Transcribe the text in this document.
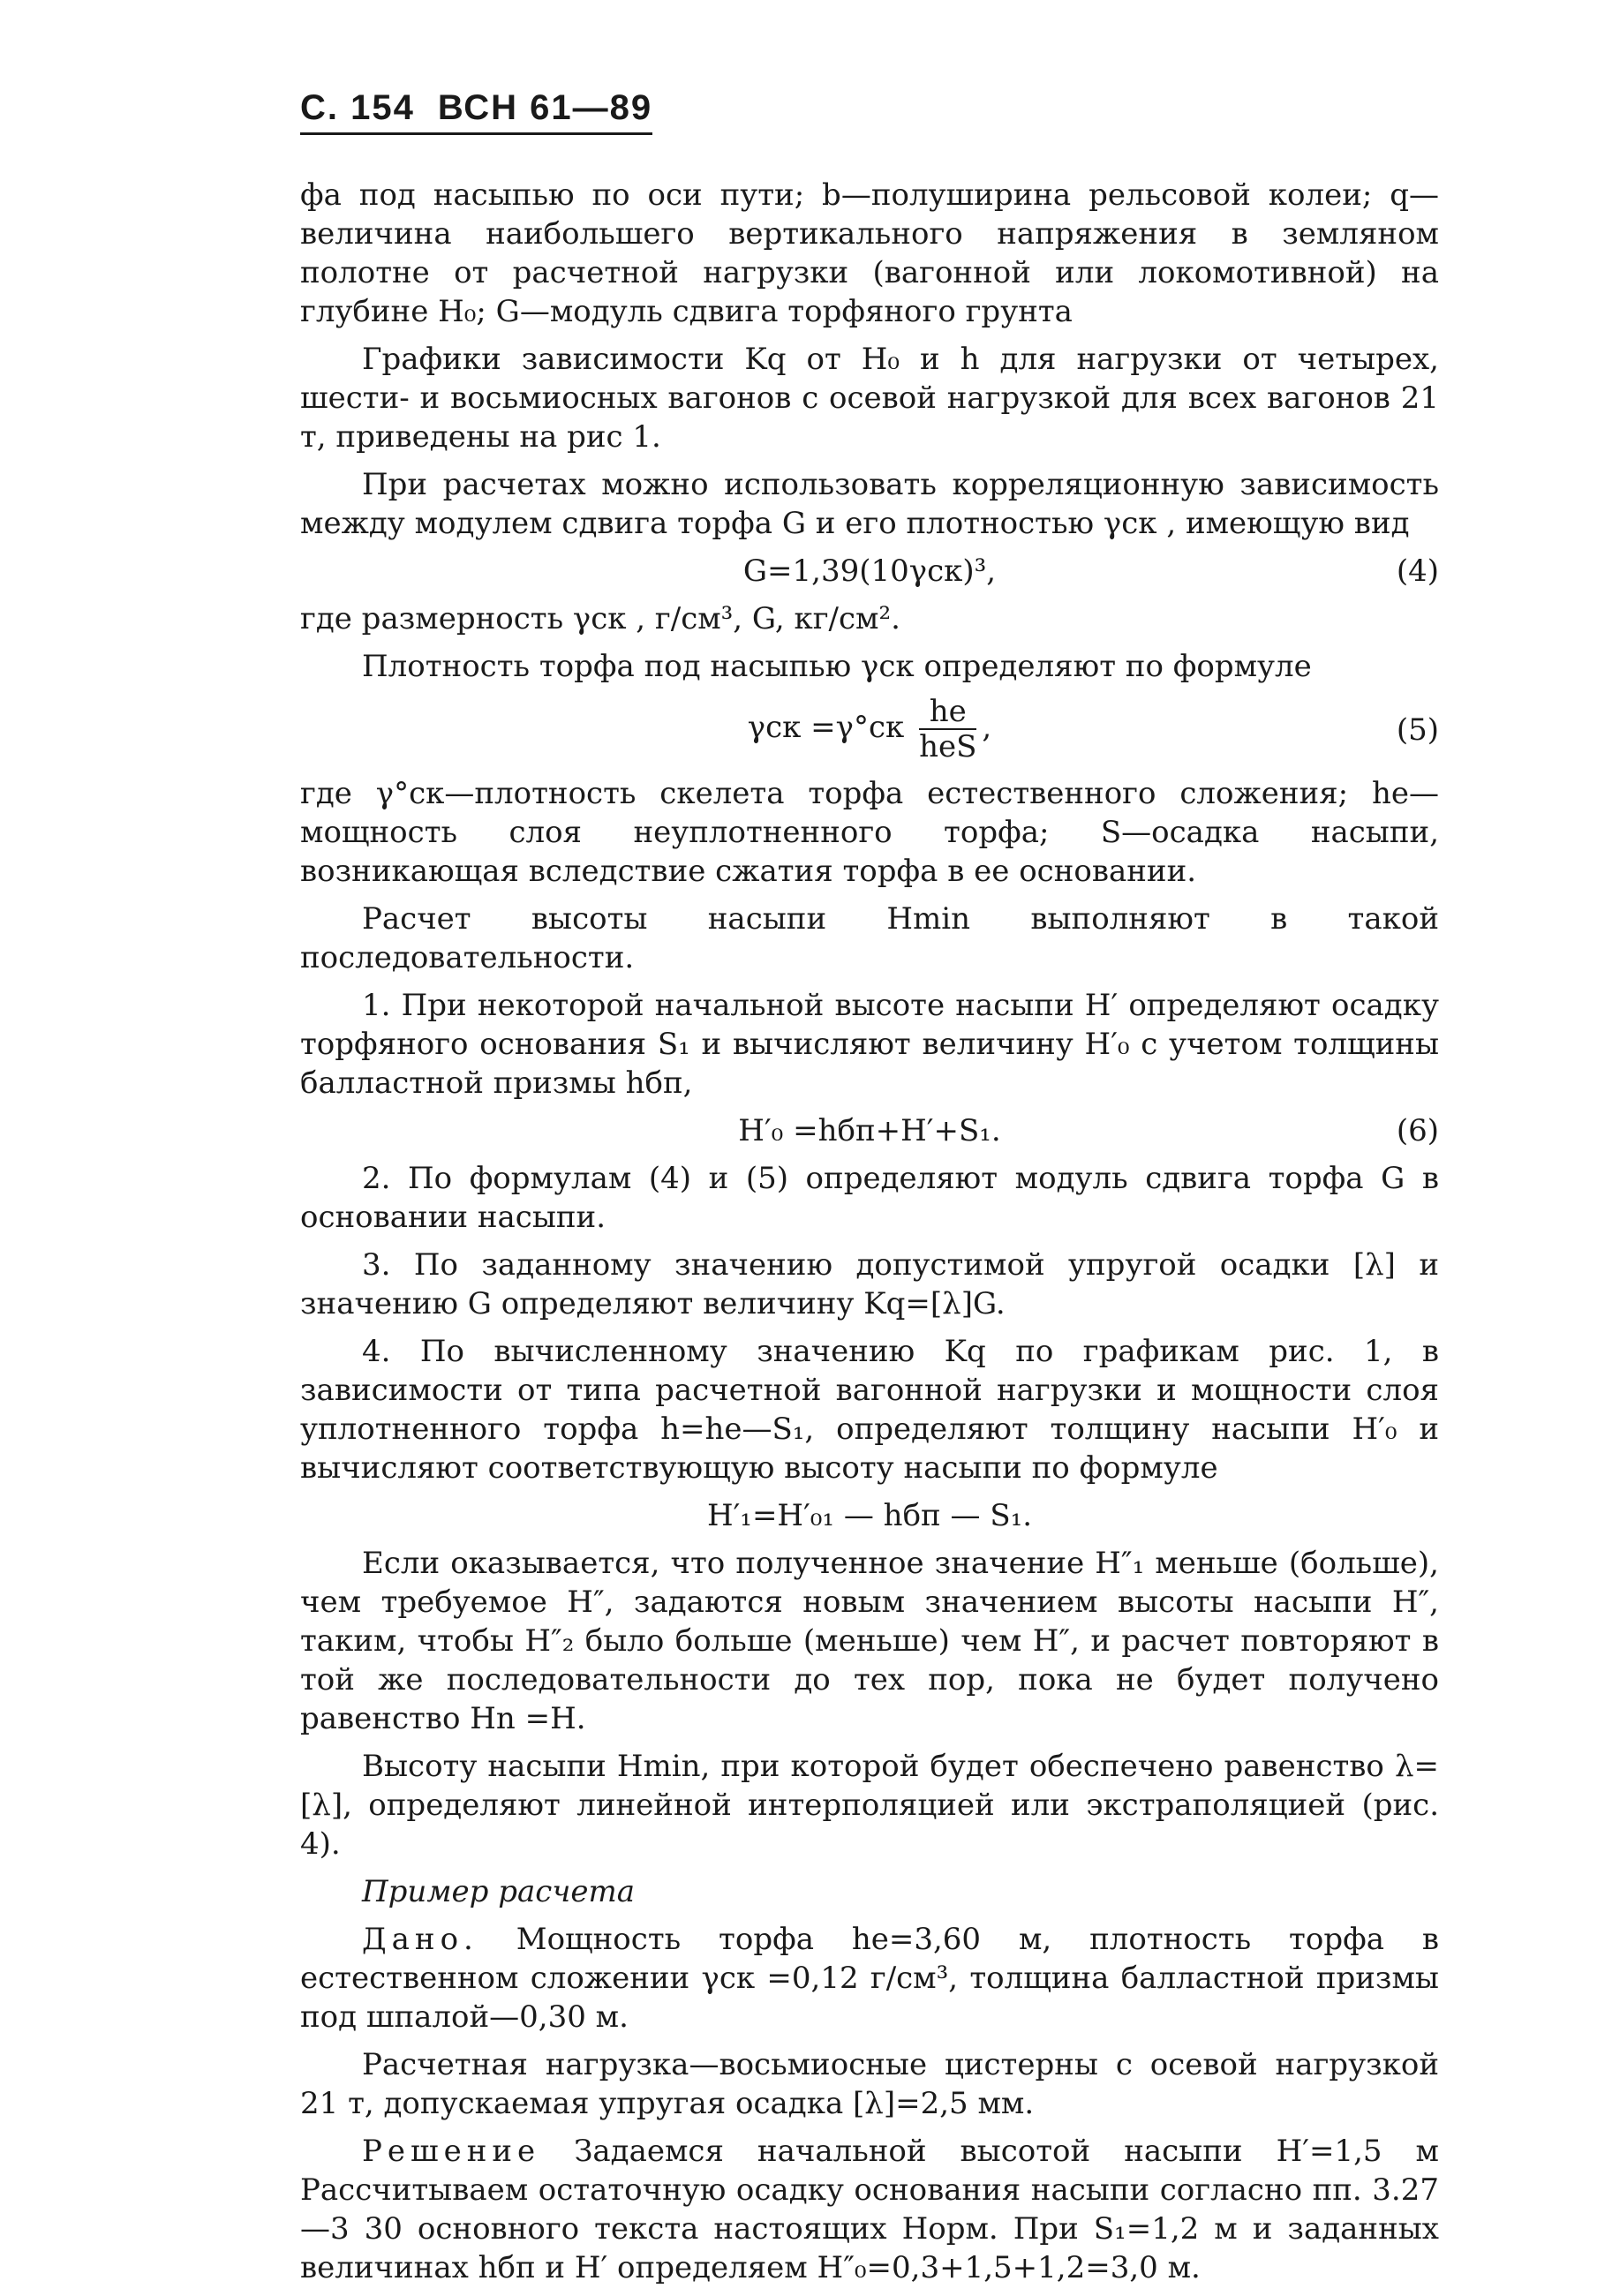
С. 154 ВСН 61—89

фа под насыпью по оси пути; b—полуширина рельсовой колеи; q—величина наибольшего вертикального напряжения в земляном полотне от расчетной нагрузки (вагонной или локомотивной) на глубине H₀; G—модуль сдвига торфяного грунта

Графики зависимости Kq от H₀ и h для нагрузки от четырех, шести- и восьмиосных вагонов с осевой нагрузкой для всех вагонов 21 т, приведены на рис 1.

При расчетах можно использовать корреляционную зависимость между модулем сдвига торфа G и его плотностью γск , имеющую вид

G=1,39(10γск)³,	(4)

где размерность γск , г/см³, G, кг/см².

Плотность торфа под насыпью γск определяют по формуле

$\gamma ск =\gamma^\circ ск \frac{hе}{\text{hеS}}$ ,	(5)

где γ°ск—плотность скелета торфа естественного сложения; hе—мощность слоя неуплотненного торфа; S—осадка насыпи, возникающая вследствие сжатия торфа в ее основании.

Расчет высоты насыпи Hmin выполняют в такой последовательности.

1. При некоторой начальной высоте насыпи H′ определяют осадку торфяного основания S₁ и вычисляют величину H′₀ с учетом толщины балластной призмы hбп,

H′₀ =hбп+H′+S₁.	(6)

2. По формулам (4) и (5) определяют модуль сдвига торфа G в основании насыпи.

3. По заданному значению допустимой упругой осадки [λ] и значению G определяют величину Kq=[λ]G.

4. По вычисленному значению Kq по графикам рис. 1, в зависимости от типа расчетной вагонной нагрузки и мощности слоя уплотненного торфа h=hе—S₁, определяют толщину насыпи H′₀ и вычисляют соответствующую высоту насыпи по формуле

H′₁=H′₀₁ — hбп — S₁.

Если оказывается, что полученное значение H″₁ меньше (больше), чем требуемое H″, задаются новым значением высоты насыпи H″, таким, чтобы H″₂ было больше (меньше) чем H″, и расчет повторяют в той же последовательности до тех пор, пока не будет получено равенство Hn =H.

Высоту насыпи Hmin, при которой будет обеспечено равенство λ=[λ], определяют линейной интерполяцией или экстраполяцией (рис. 4).

Пример расчета

Дано. Мощность торфа hе=3,60 м, плотность торфа в естественном сложении γск =0,12 г/см³, толщина балластной призмы под шпалой—0,30 м.

Расчетная нагрузка—восьмиосные цистерны с осевой нагрузкой 21 т, допускаемая упругая осадка [λ]=2,5 мм.

Решение Задаемся начальной высотой насыпи H′=1,5 м Рассчитываем остаточную осадку основания насыпи согласно пп. 3.27—3 30 основного текста настоящих Норм. При S₁=1,2 м и заданных величинах hбп и H′ определяем H″₀=0,3+1,5+1,2=3,0 м.
